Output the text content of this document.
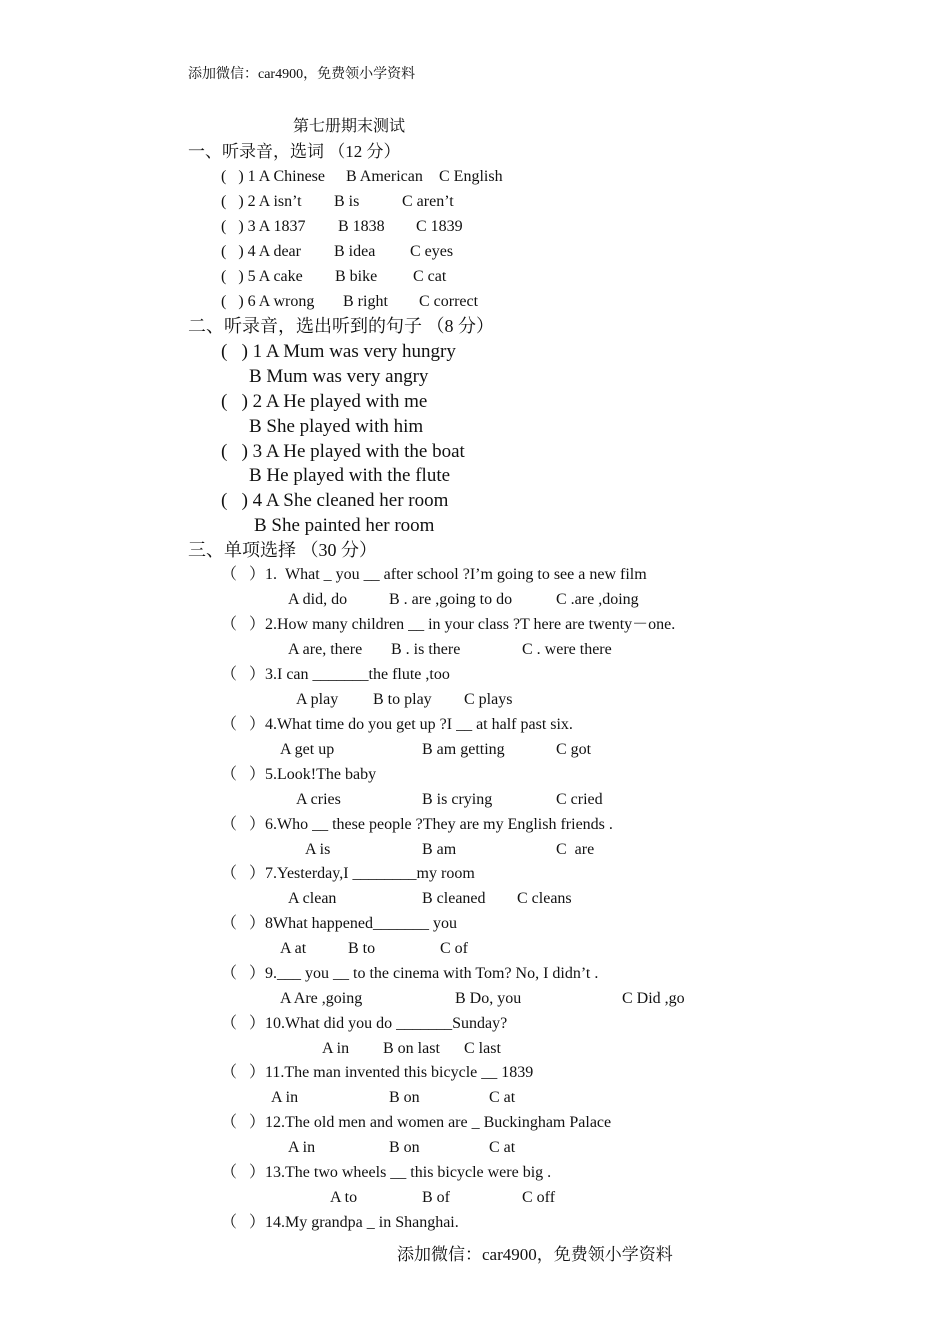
添加微信：car4900，免费领小学资料
第七册期末测试
一、听录音，选词 （12 分）
(   ) 1 A Chinese B American C English
(   ) 2 A isn’t B is	C aren’t
(   ) 3 A 1837 B 1838 C 1839
(   ) 4 A dear B idea C eyes
(   ) 5 A cake B bike C cat
(   ) 6 A wrong B right C correct
二、听录音，选出听到的句子 （8 分）
(   ) 1 A Mum was very hungry
B Mum was very angry
(   ) 2 A He played with me
B She played with him
(   ) 3 A He played with the boat
B He played with the flute
(   ) 4 A She cleaned her room
B She painted her room
三、单项选择 （30 分）
（   ）1.  What _ you __ after school ?I’m going to see a new film
A did, do	B . are ,going to do	C .are ,doing
（   ）2.How many children __ in your class ?T here are twenty－one.
A are, there B . is there	C . were there
（   ）3.I can _______the flute ,too
A play B to play C plays
（   ）4.What time do you get up ?I __ at half past six.
A get up	B am getting	C got
（   ）5.Look!The baby
A cries	B is crying	C cried
（   ）6.Who __ these people ?They are my English friends .
A is	B am	C  are
（   ）7.Yesterday,I ________my room
A clean	B cleaned C cleans
（   ）8What happened_______ you
A at	B to	C of
（   ）9.___ you __ to the cinema with Tom? No, I didn’t .
A Are ,going	B Do, you	C Did ,go
（   ）10.What did you do _______Sunday?
A in B on last C last
（   ）11.The man invented this bicycle __ 1839
A in	B on	C at
（   ）12.The old men and women are _ Buckingham Palace
A in	B on	C at
（   ）13.The two wheels __ this bicycle were big .
A to	B of	C off
（   ）14.My grandpa _ in Shanghai.
添加微信：car4900，免费领小学资料
